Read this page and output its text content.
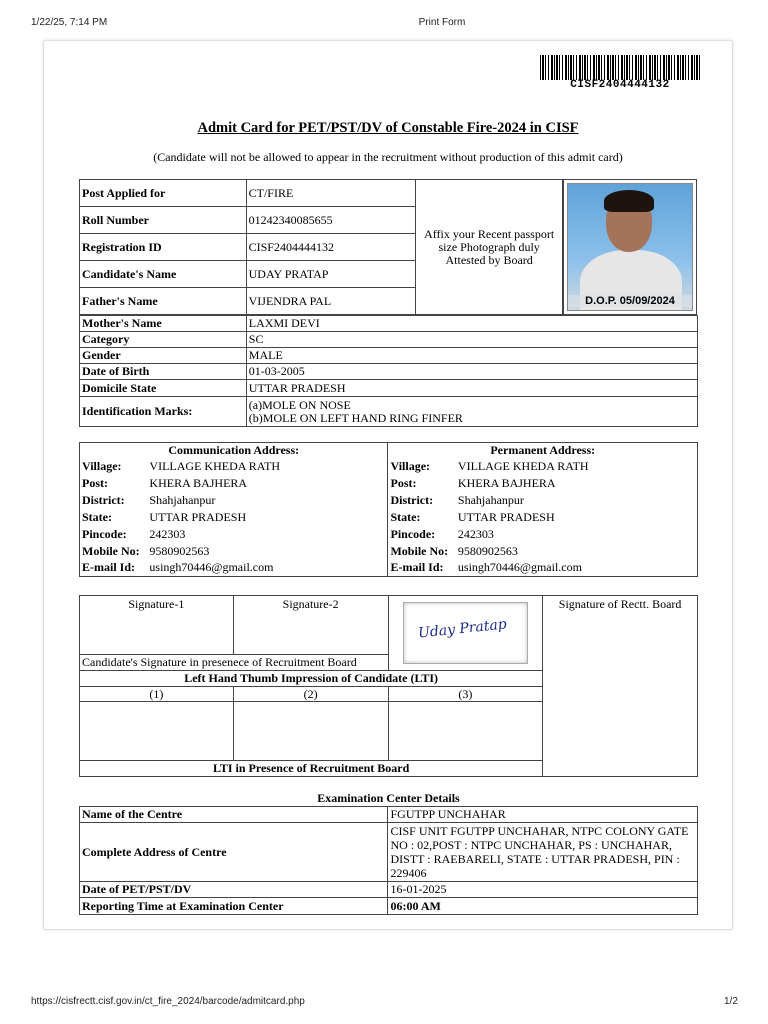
1/22/25, 7:14 PM	Print Form
CISF2404444132
Admit Card for PET/PST/DV of Constable Fire-2024 in CISF
(Candidate will not be allowed to appear in the recruitment without production of this admit card)
Post Applied for	CT/FIRE	Affix your Recent passport size Photograph duly Attested by Board
Roll Number	01242340085655	
Registration ID	CISF2404444132	
Candidate's Name	UDAY PRATAP	
Father's Name	VIJENDRA PAL		D.O.P. 05/09/2024
Mother's Name	LAXMI DEVI
Category	SC
Gender	MALE
Date of Birth	01-03-2005
Domicile State	UTTAR PRADESH
Identification Marks:	(a)MOLE ON NOSE
(b)MOLE ON LEFT HAND RING FINFER
Communication Address:		Permanent Address:	
Village:	VILLAGE KHEDA RATH	Village:	VILLAGE KHEDA RATH
Post:	KHERA BAJHERA	Post:	KHERA BAJHERA
District:	Shahjahanpur	District:	Shahjahanpur
State:	UTTAR PRADESH	State:	UTTAR PRADESH
Pincode:	242303	Pincode:	242303
Mobile No:	9580902563	Mobile No:	9580902563
E-mail Id:	usingh70446@gmail.com	E-mail Id:	usingh70446@gmail.com
Signature-1	Signature-2		Signature of Rectt. Board
Candidate's Signature in presenece of Recruitment Board			
Left Hand Thumb Impression of Candidate (LTI)			
(1)	(2)	(3)	

LTI in Presence of Recruitment Board			
Uday Pratap
Examination Center Details
Name of the Centre	FGUTPP UNCHAHAR
Complete Address of Centre	CISF UNIT FGUTPP UNCHAHAR, NTPC COLONY GATE NO : 02,POST : NTPC UNCHAHAR, PS : UNCHAHAR, DISTT : RAEBARELI, STATE : UTTAR PRADESH, PIN : 229406
Date of PET/PST/DV	16-01-2025
Reporting Time at Examination Center	06:00 AM
https://cisfrectt.cisf.gov.in/ct_fire_2024/barcode/admitcard.php	1/2
